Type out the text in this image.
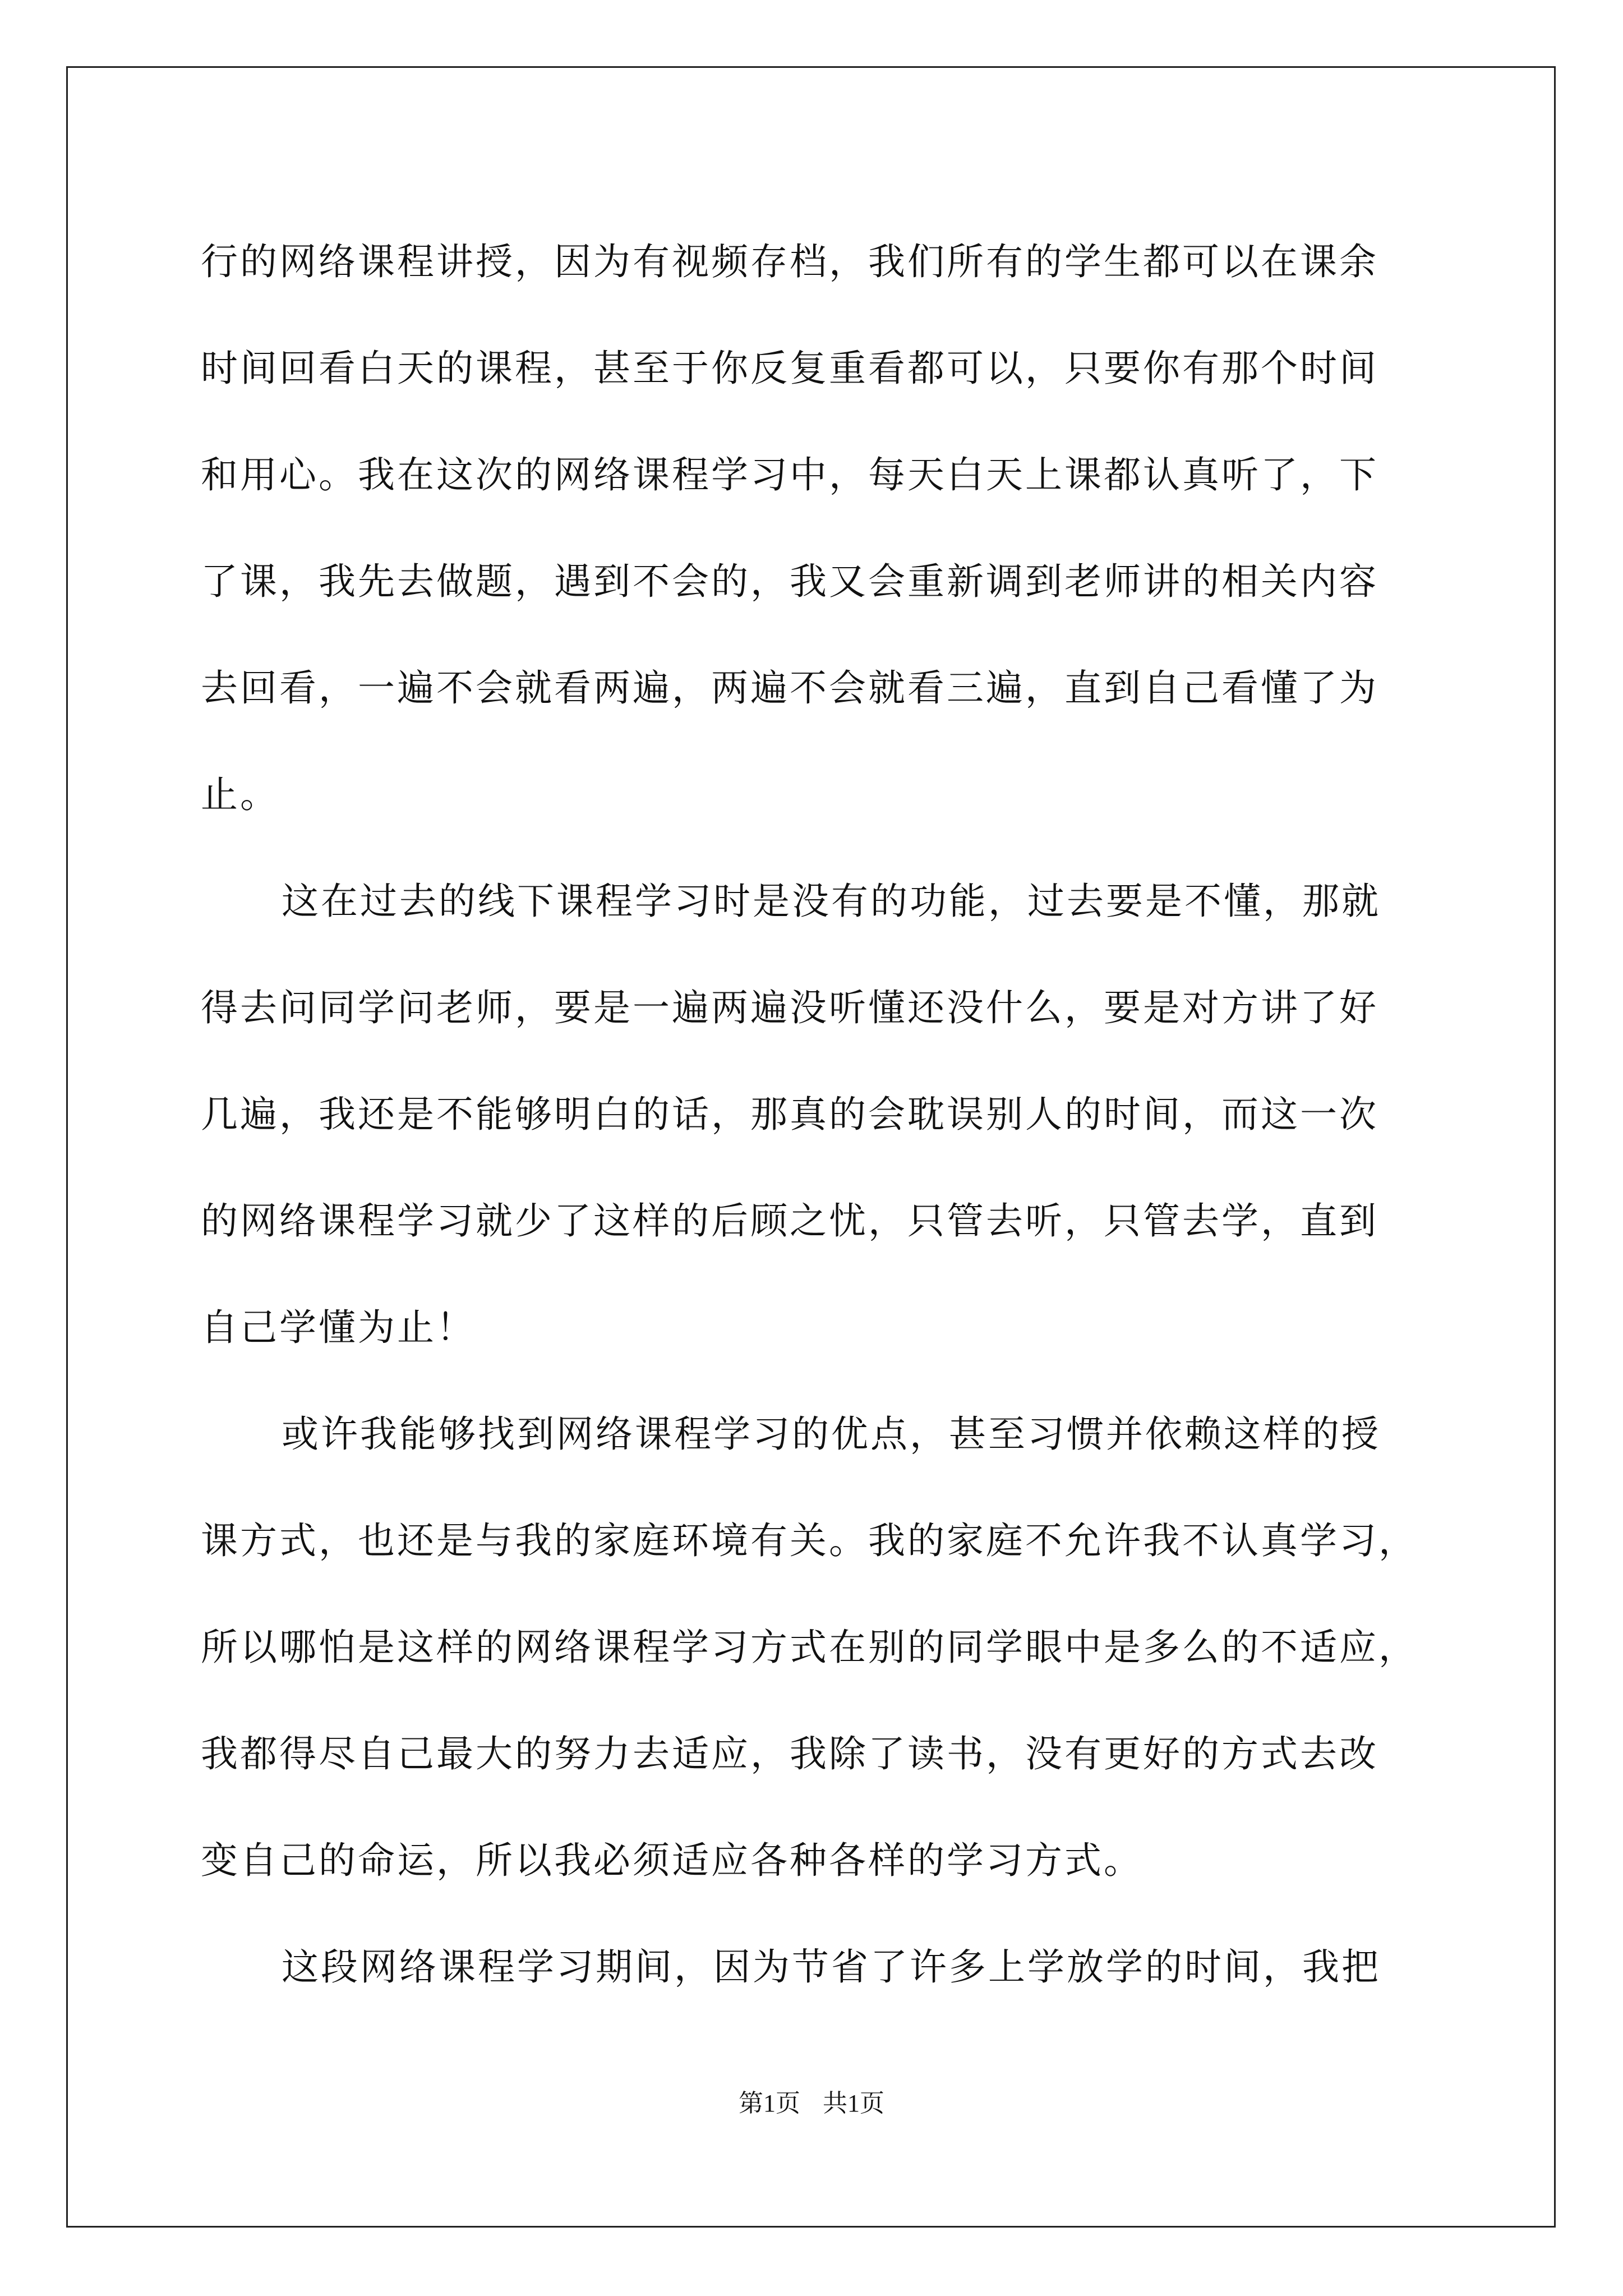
行的网络课程讲授，因为有视频存档，我们所有的学生都可以在课余
时间回看白天的课程，甚至于你反复重看都可以，只要你有那个时间
和用心。我在这次的网络课程学习中，每天白天上课都认真听了，下
了课，我先去做题，遇到不会的，我又会重新调到老师讲的相关内容
去回看，一遍不会就看两遍，两遍不会就看三遍，直到自己看懂了为
止。
这在过去的线下课程学习时是没有的功能，过去要是不懂，那就
得去问同学问老师，要是一遍两遍没听懂还没什么，要是对方讲了好
几遍，我还是不能够明白的话，那真的会耽误别人的时间，而这一次
的网络课程学习就少了这样的后顾之忧，只管去听，只管去学，直到
自己学懂为止！
或许我能够找到网络课程学习的优点，甚至习惯并依赖这样的授
课方式，也还是与我的家庭环境有关。我的家庭不允许我不认真学习，
所以哪怕是这样的网络课程学习方式在别的同学眼中是多么的不适应，
我都得尽自己最大的努力去适应，我除了读书，没有更好的方式去改
变自己的命运，所以我必须适应各种各样的学习方式。
这段网络课程学习期间，因为节省了许多上学放学的时间，我把
第1页 共1页
